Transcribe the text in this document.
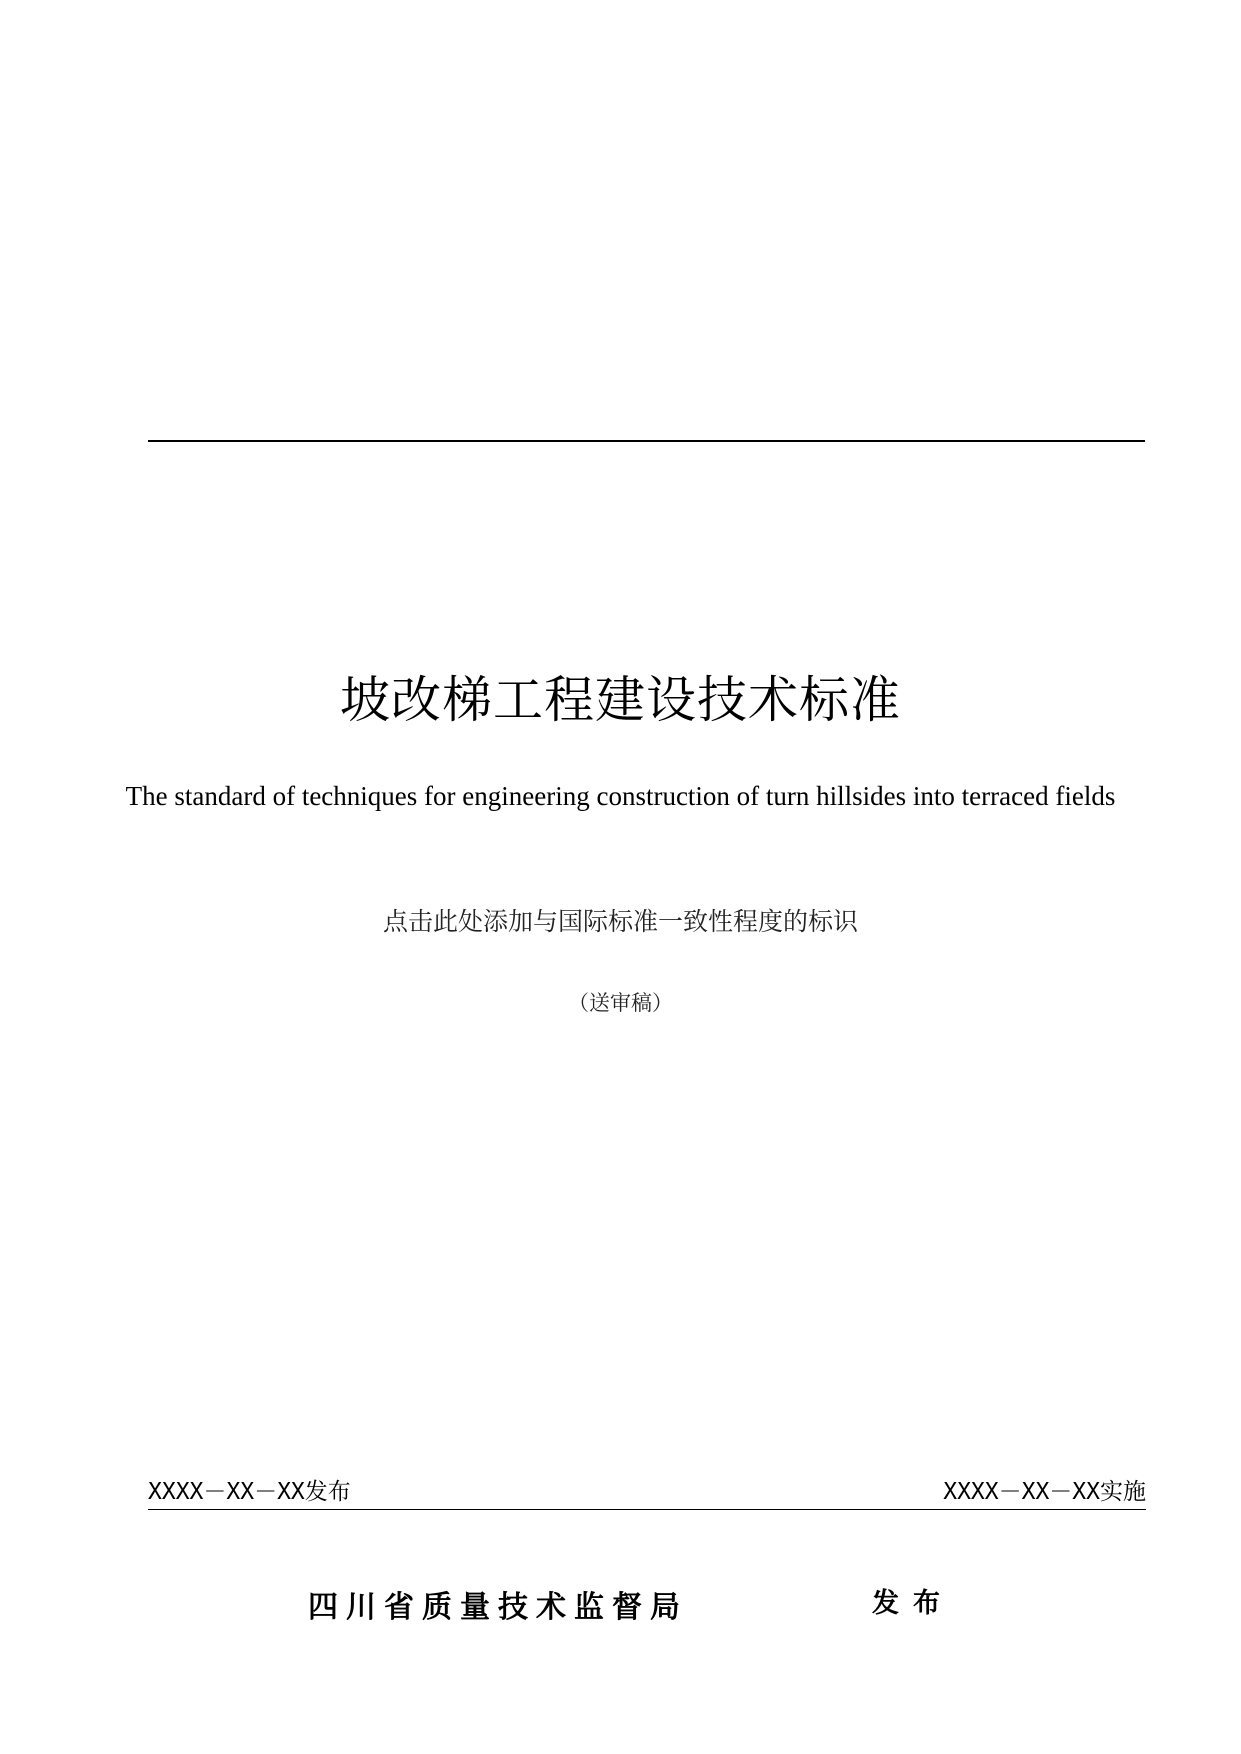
坡改梯工程建设技术标准
The standard of techniques for engineering construction of turn hillsides into terraced fields
点击此处添加与国际标准一致性程度的标识
（送审稿）
XXXX－XX－XX发布	XXXX－XX－XX实施
四川省质量技术监督局	发布
